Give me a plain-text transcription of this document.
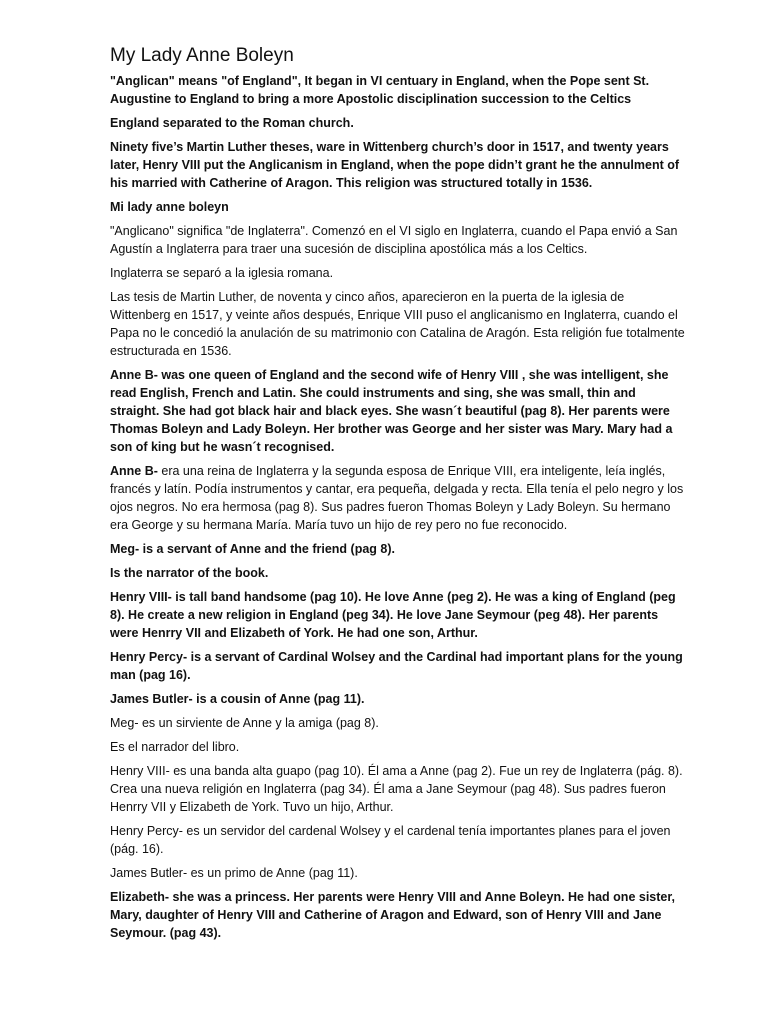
My Lady Anne Boleyn

"Anglican" means "of England", It began in VI centuary in England, when the Pope sent St. Augustine to England to bring a more Apostolic disciplination succession to the Celtics

England separated to the Roman church.

Ninety five’s Martin Luther theses, ware in Wittenberg church’s door in 1517, and twenty years later, Henry VIII put the Anglicanism in England, when the pope didn’t grant he the annulment of his married with Catherine of Aragon. This religion was structured totally in 1536.

Mi lady anne boleyn

"Anglicano" significa "de Inglaterra". Comenzó en el VI siglo en Inglaterra, cuando el Papa envió a San Agustín a Inglaterra para traer una sucesión de disciplina apostólica más a los Celtics.

Inglaterra se separó a la iglesia romana.

Las tesis de Martin Luther, de noventa y cinco años, aparecieron en la puerta de la iglesia de Wittenberg en 1517, y veinte años después, Enrique VIII puso el anglicanismo en Inglaterra, cuando el Papa no le concedió la anulación de su matrimonio con Catalina de Aragón. Esta religión fue totalmente estructurada en 1536.

Anne B- was one queen of England and the second wife of Henry VIII , she was intelligent, she read English, French and Latin. She could instruments and sing, she was small, thin and straight. She had got black hair and black eyes. She wasn´t beautiful (pag 8). Her parents were Thomas Boleyn and Lady Boleyn. Her brother was George and her sister was Mary. Mary had a son of king but he wasn´t recognised.

Anne B- era una reina de Inglaterra y la segunda esposa de Enrique VIII, era inteligente, leía inglés, francés y latín. Podía instrumentos y cantar, era pequeña, delgada y recta. Ella tenía el pelo negro y los ojos negros. No era hermosa (pag 8). Sus padres fueron Thomas Boleyn y Lady Boleyn. Su hermano era George y su hermana María. María tuvo un hijo de rey pero no fue reconocido.

Meg- is a servant of Anne and the friend (pag 8).

Is the narrator of the book.

Henry VIII- is tall band handsome (pag 10). He love Anne (peg 2). He was a king of England (peg 8). He create a new religion in England (peg 34). He love Jane Seymour (peg 48). Her parents were Henrry VII and Elizabeth of York. He had one son, Arthur.

Henry Percy- is a servant of Cardinal Wolsey and the Cardinal had important plans for the young man (pag 16).

James Butler- is a cousin of Anne (pag 11).

Meg- es un sirviente de Anne y la amiga (pag 8).

Es el narrador del libro.

Henry VIII- es una banda alta guapo (pag 10). Él ama a Anne (pag 2). Fue un rey de Inglaterra (pág. 8). Crea una nueva religión en Inglaterra (pag 34). Él ama a Jane Seymour (pag 48). Sus padres fueron Henrry VII y Elizabeth de York. Tuvo un hijo, Arthur.

Henry Percy- es un servidor del cardenal Wolsey y el cardenal tenía importantes planes para el joven (pág. 16).

James Butler- es un primo de Anne (pag 11).

Elizabeth- she was a princess. Her parents were Henry VIII and Anne Boleyn. He had one sister, Mary, daughter of Henry VIII and Catherine of Aragon and Edward, son of Henry VIII and Jane Seymour. (pag 43).
